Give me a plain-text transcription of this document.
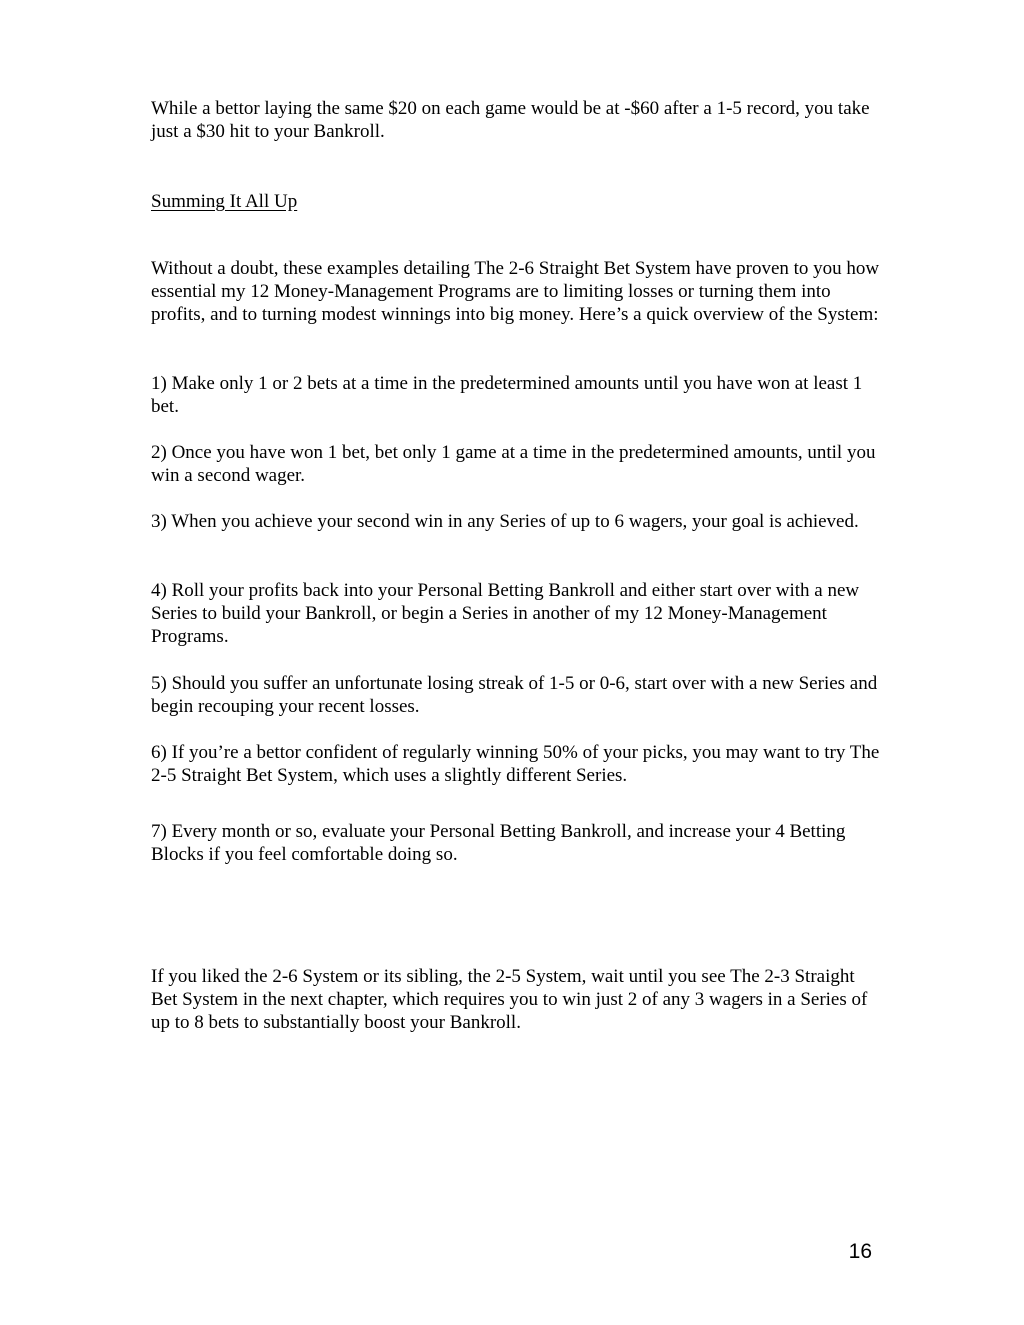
While a bettor laying the same $20 on each game would be at -$60 after a 1-5 record, you take just a $30 hit to your Bankroll.

Summing It All Up

Without a doubt, these examples detailing The 2-6 Straight Bet System have proven to you how essential my 12 Money-Management Programs are to limiting losses or turning them into profits, and to turning modest winnings into big money. Here’s a quick overview of the System:

1) Make only 1 or 2 bets at a time in the predetermined amounts until you have won at least 1 bet.

2) Once you have won 1 bet, bet only 1 game at a time in the predetermined amounts, until you win a second wager.

3) When you achieve your second win in any Series of up to 6 wagers, your goal is achieved.

4) Roll your profits back into your Personal Betting Bankroll and either start over with a new Series to build your Bankroll, or begin a Series in another of my 12 Money-Management Programs.

5) Should you suffer an unfortunate losing streak of 1-5 or 0-6, start over with a new Series and begin recouping your recent losses.

6) If you’re a bettor confident of regularly winning 50% of your picks, you may want to try The 2-5 Straight Bet System, which uses a slightly different Series.

7) Every month or so, evaluate your Personal Betting Bankroll, and increase your 4 Betting Blocks if you feel comfortable doing so.

If you liked the 2-6 System or its sibling, the 2-5 System, wait until you see The 2-3 Straight Bet System in the next chapter, which requires you to win just 2 of any 3 wagers in a Series of up to 8 bets to substantially boost your Bankroll.

16
